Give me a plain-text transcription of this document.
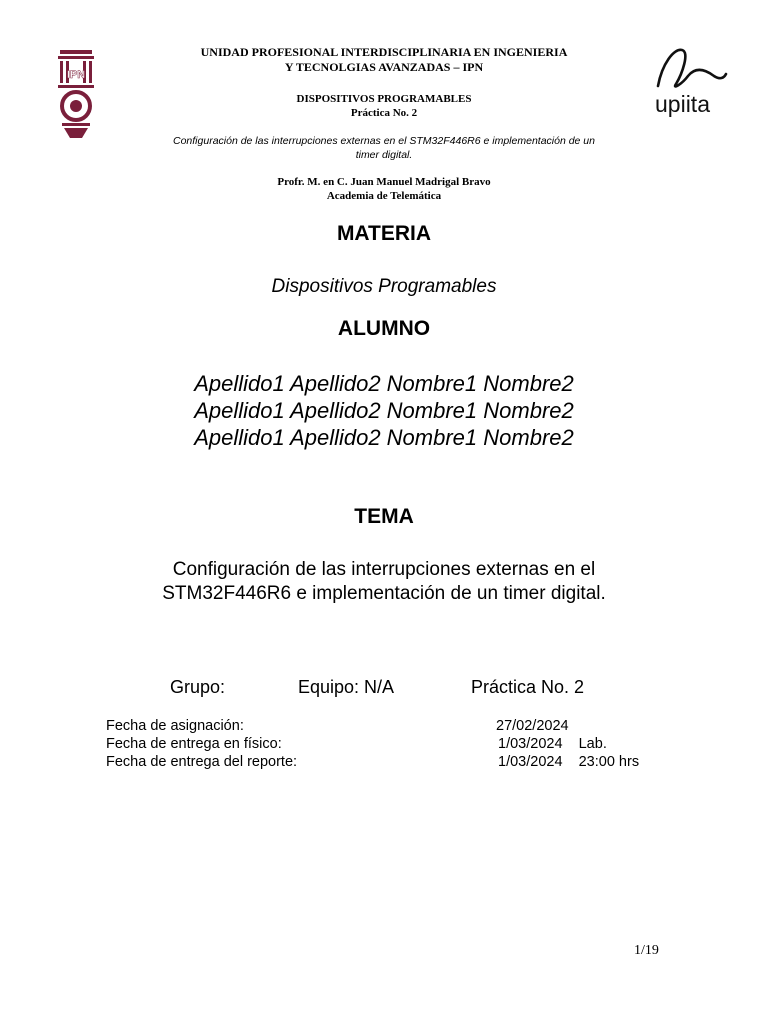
IPN
upiita
UNIDAD PROFESIONAL INTERDISCIPLINARIA EN INGENIERIA
Y TECNOLGIAS AVANZADAS – IPN
DISPOSITIVOS PROGRAMABLES
Práctica No. 2
Configuración de las interrupciones externas en el STM32F446R6 e implementación de un
timer digital.
Profr. M. en C. Juan Manuel Madrigal Bravo
Academia de Telemática
MATERIA
Dispositivos Programables
ALUMNO
Apellido1 Apellido2 Nombre1 Nombre2
Apellido1 Apellido2 Nombre1 Nombre2
Apellido1 Apellido2 Nombre1 Nombre2
TEMA
Configuración de las interrupciones externas en el
STM32F446R6 e implementación de un timer digital.
Grupo:	Equipo: N/A	Práctica No. 2
Fecha de asignación:	27/02/2024
Fecha de entrega en físico:	1/03/2024    Lab.
Fecha de entrega del reporte:	1/03/2024    23:00 hrs
1/19
